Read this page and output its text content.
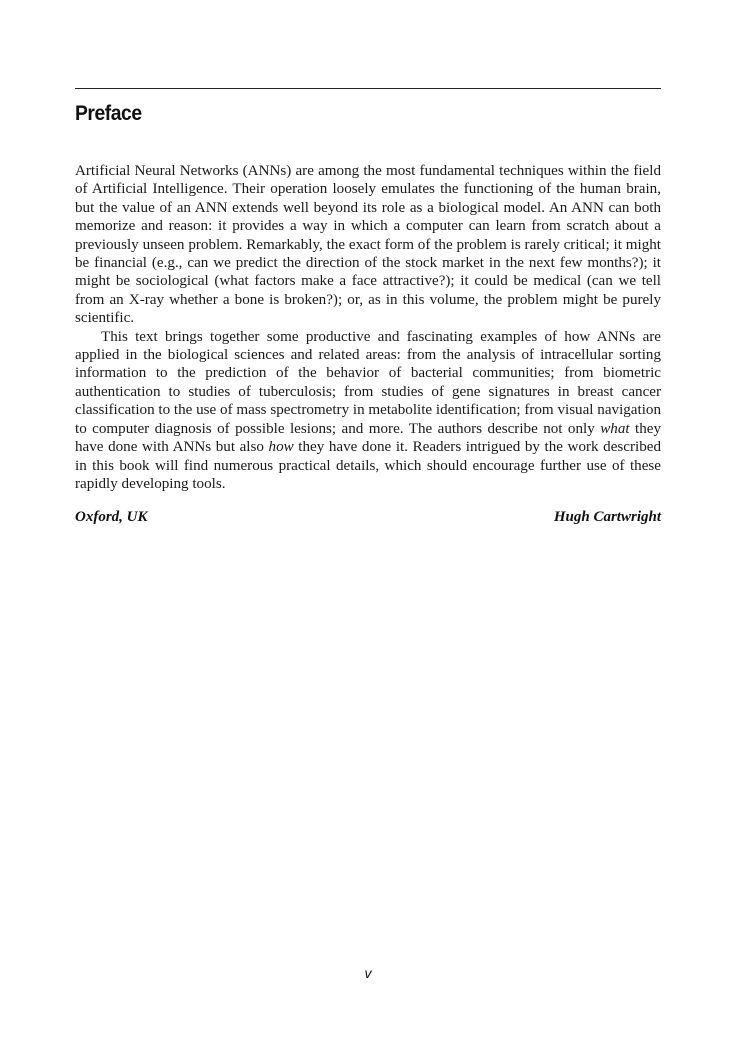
Preface

Artificial Neural Networks (ANNs) are among the most fundamental techniques within the field of Artificial Intelligence. Their operation loosely emulates the functioning of the human brain, but the value of an ANN extends well beyond its role as a biological model. An ANN can both memorize and reason: it provides a way in which a computer can learn from scratch about a previously unseen problem. Remarkably, the exact form of the problem is rarely critical; it might be financial (e.g., can we predict the direction of the stock market in the next few months?); it might be sociological (what factors make a face attractive?); it could be medical (can we tell from an X-ray whether a bone is broken?); or, as in this volume, the problem might be purely scientific.

This text brings together some productive and fascinating examples of how ANNs are applied in the biological sciences and related areas: from the analysis of intracellular sorting information to the prediction of the behavior of bacterial communities; from biometric authentication to studies of tuberculosis; from studies of gene signatures in breast cancer classification to the use of mass spectrometry in metabolite identification; from visual navigation to computer diagnosis of possible lesions; and more. The authors describe not only what they have done with ANNs but also how they have done it. Readers intrigued by the work described in this book will find numerous practical details, which should encourage further use of these rapidly developing tools.

Oxford, UK	Hugh Cartwright
v
